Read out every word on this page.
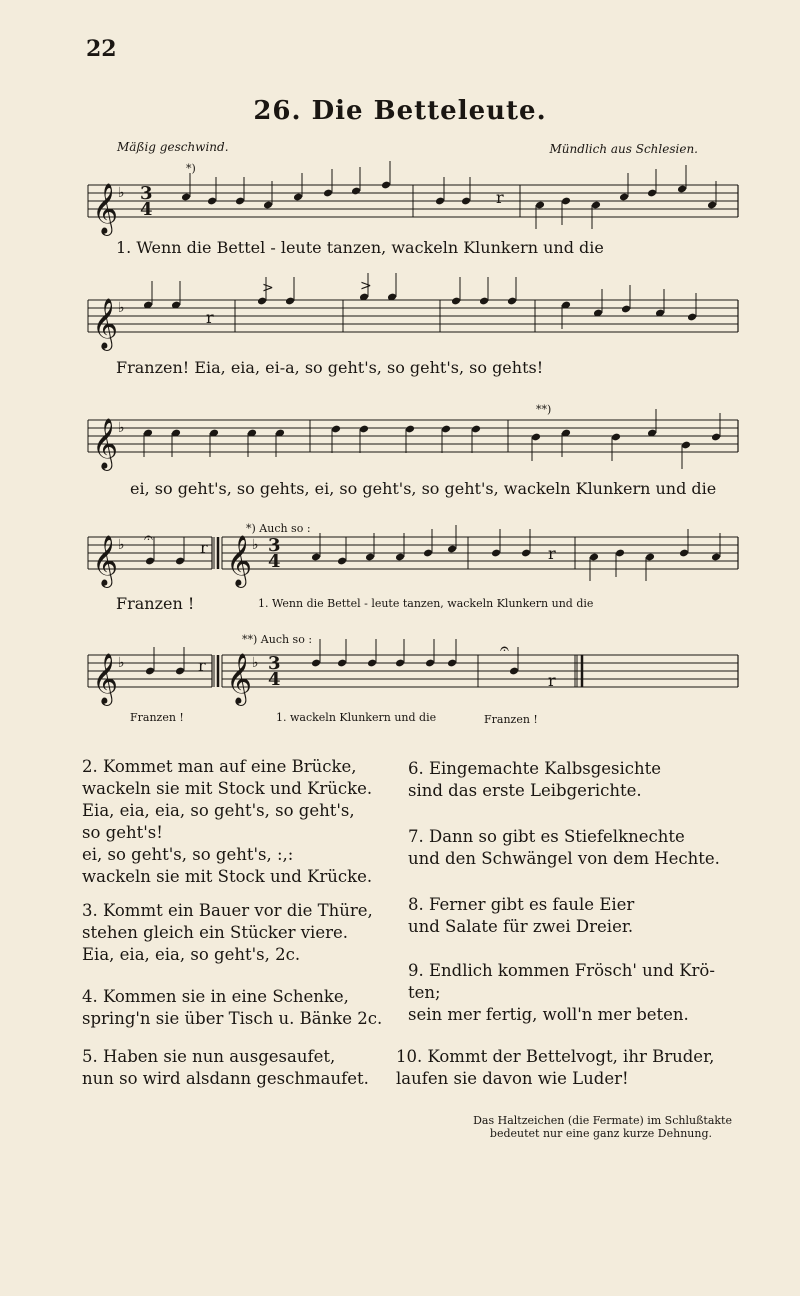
22
26. Die Betteleute.
Mäßig geschwind.	Mündlich aus Schlesien.
𝄞 ♭
𝄞 ♭
𝄞 ♭
𝄞 ♭ 𝄞 ♭
𝄞 ♭ 𝄞 ♭
3
4
3
4
3
4
r
r
r
r
r
r
>	>
𝄐
𝄐
*)
1. Wenn die Bettel - leute tanzen, wackeln Klunkern und die
Franzen! Eia, eia, ei-a, so geht's, so geht's, so gehts!
**)
ei, so geht's, so gehts, ei, so geht's, so geht's, wackeln Klunkern und die
*) Auch so :
Franzen !	1. Wenn die Bettel - leute tanzen, wackeln Klunkern und die
**) Auch so :
Franzen !	1. wackeln Klunkern und die	Franzen !
2. Kommet man auf eine Brücke,
wackeln sie mit Stock und Krücke.
Eia, eia, eia, so geht's, so geht's,
so geht's!
ei, so geht's, so geht's, :,:
wackeln sie mit Stock und Krücke.
3. Kommt ein Bauer vor die Thüre,
stehen gleich ein Stücker viere.
Eia, eia, eia, so geht's, 2c.
4. Kommen sie in eine Schenke,
spring'n sie über Tisch u. Bänke 2c.
5. Haben sie nun ausgesaufet,
nun so wird alsdann geschmaufet.
6. Eingemachte Kalbsgesichte
sind das erste Leibgerichte.
7. Dann so gibt es Stiefelknechte
und den Schwängel von dem Hechte.
8. Ferner gibt es faule Eier
und Salate für zwei Dreier.
9. Endlich kommen Frösch' und Krö-
ten;
sein mer fertig, woll'n mer beten.
10. Kommt der Bettelvogt, ihr Bruder,
laufen sie davon wie Luder!
Das Haltzeichen (die Fermate) im Schlußtakte
bedeutet nur eine ganz kurze Dehnung.
